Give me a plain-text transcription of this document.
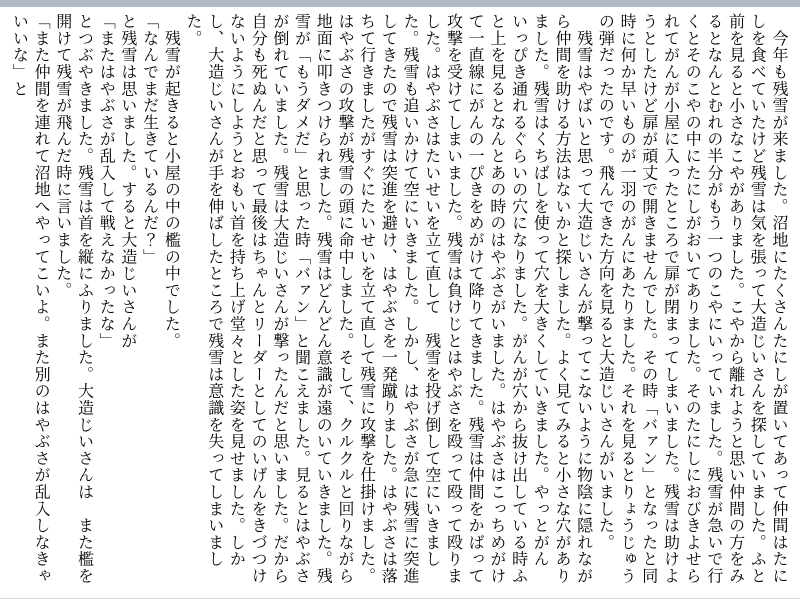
　今年も残雪が来ました。沼地にたくさんたにしが置いてあって仲間はたにしを食べていたけど残雪は気を張って大造じいさんを探していました。ふと前を見ると小さなこやがありました。こやから離れようと思い仲間の方をみるとなんとむれの半分がもう一つのこやにいっていました。残雪が急いで行くとそのこやの中にたにしがおいてありました。そのたにしにおびきよせられてがんが小屋に入ったところで扉が閉まってしまいました。残雪は助けようとしたけど扉が頑丈で開きませんでした。その時「バァン」となったと同時に何か早いものが一羽のがんにあたりました。それを見るとりょうじゅうの弾だったのです。飛んできた方向を見ると大造じいさんがいました。

　残雪はやばいと思って大造じいさんが撃ってこないように物陰に隠れながら仲間を助ける方法はないかと探しました。よく見てみると小さな穴がありました。残雪はくちばしを使って穴を大きくしていきました。やっとがんいっぴき通れるぐらいの穴になりました。がんが穴から抜け出している時ふと上を見るとなんとあの時のはやぶさがいました。はやぶさはこっちめがけて一直線にがんの一ぴきをめがけて降りてきました。残雪は仲間をかばって攻撃を受けてしまいました。残雪は負けじとはやぶさを殴って殴って殴りました。はやぶさはたいせいを立て直して　残雪を投げ倒して空にいきました。残雪も追いかけて空にいきました。しかし、はやぶさが急に残雪に突進してきたので残雪は突進を避け、はやぶさを一発蹴りました。はやぶさは落ちて行きましたがすぐにたいせいを立て直して残雪に攻撃を仕掛けました。はやぶさの攻撃が残雪の頭に命中しました。そして、クルクルと回りながら地面に叩きつけられました。残雪はどんどん意識が遠のいていきました。残雪が「もうダメだ」と思った時「バァン」と聞こえました。見るとはやぶさが倒れていました。残雪は大造じいさんが撃ったんだと思いました。だから自分も死ぬんだと思って最後はちゃんとリーダーとしてのいげんをきづつけないようにしようとおもい首を持ち上げ堂々とした姿を見せました。しかし、大造じいさんが手を伸ばしたところで残雪は意識を失ってしまいました。

　残雪が起きると小屋の中の檻の中でした。

「なんでまだ生きているんだ？」

と残雪は思いました。すると大造じいさんが

「またはやぶさが乱入して戦えなかったな」

とつぶやきました。残雪は首を縦にふりました。大造じいさんは　また檻を開けて残雪が飛んだ時に言いました。

「また仲間を連れて沼地へやってこいよ。また別のはやぶさが乱入しなきゃいいな」と
